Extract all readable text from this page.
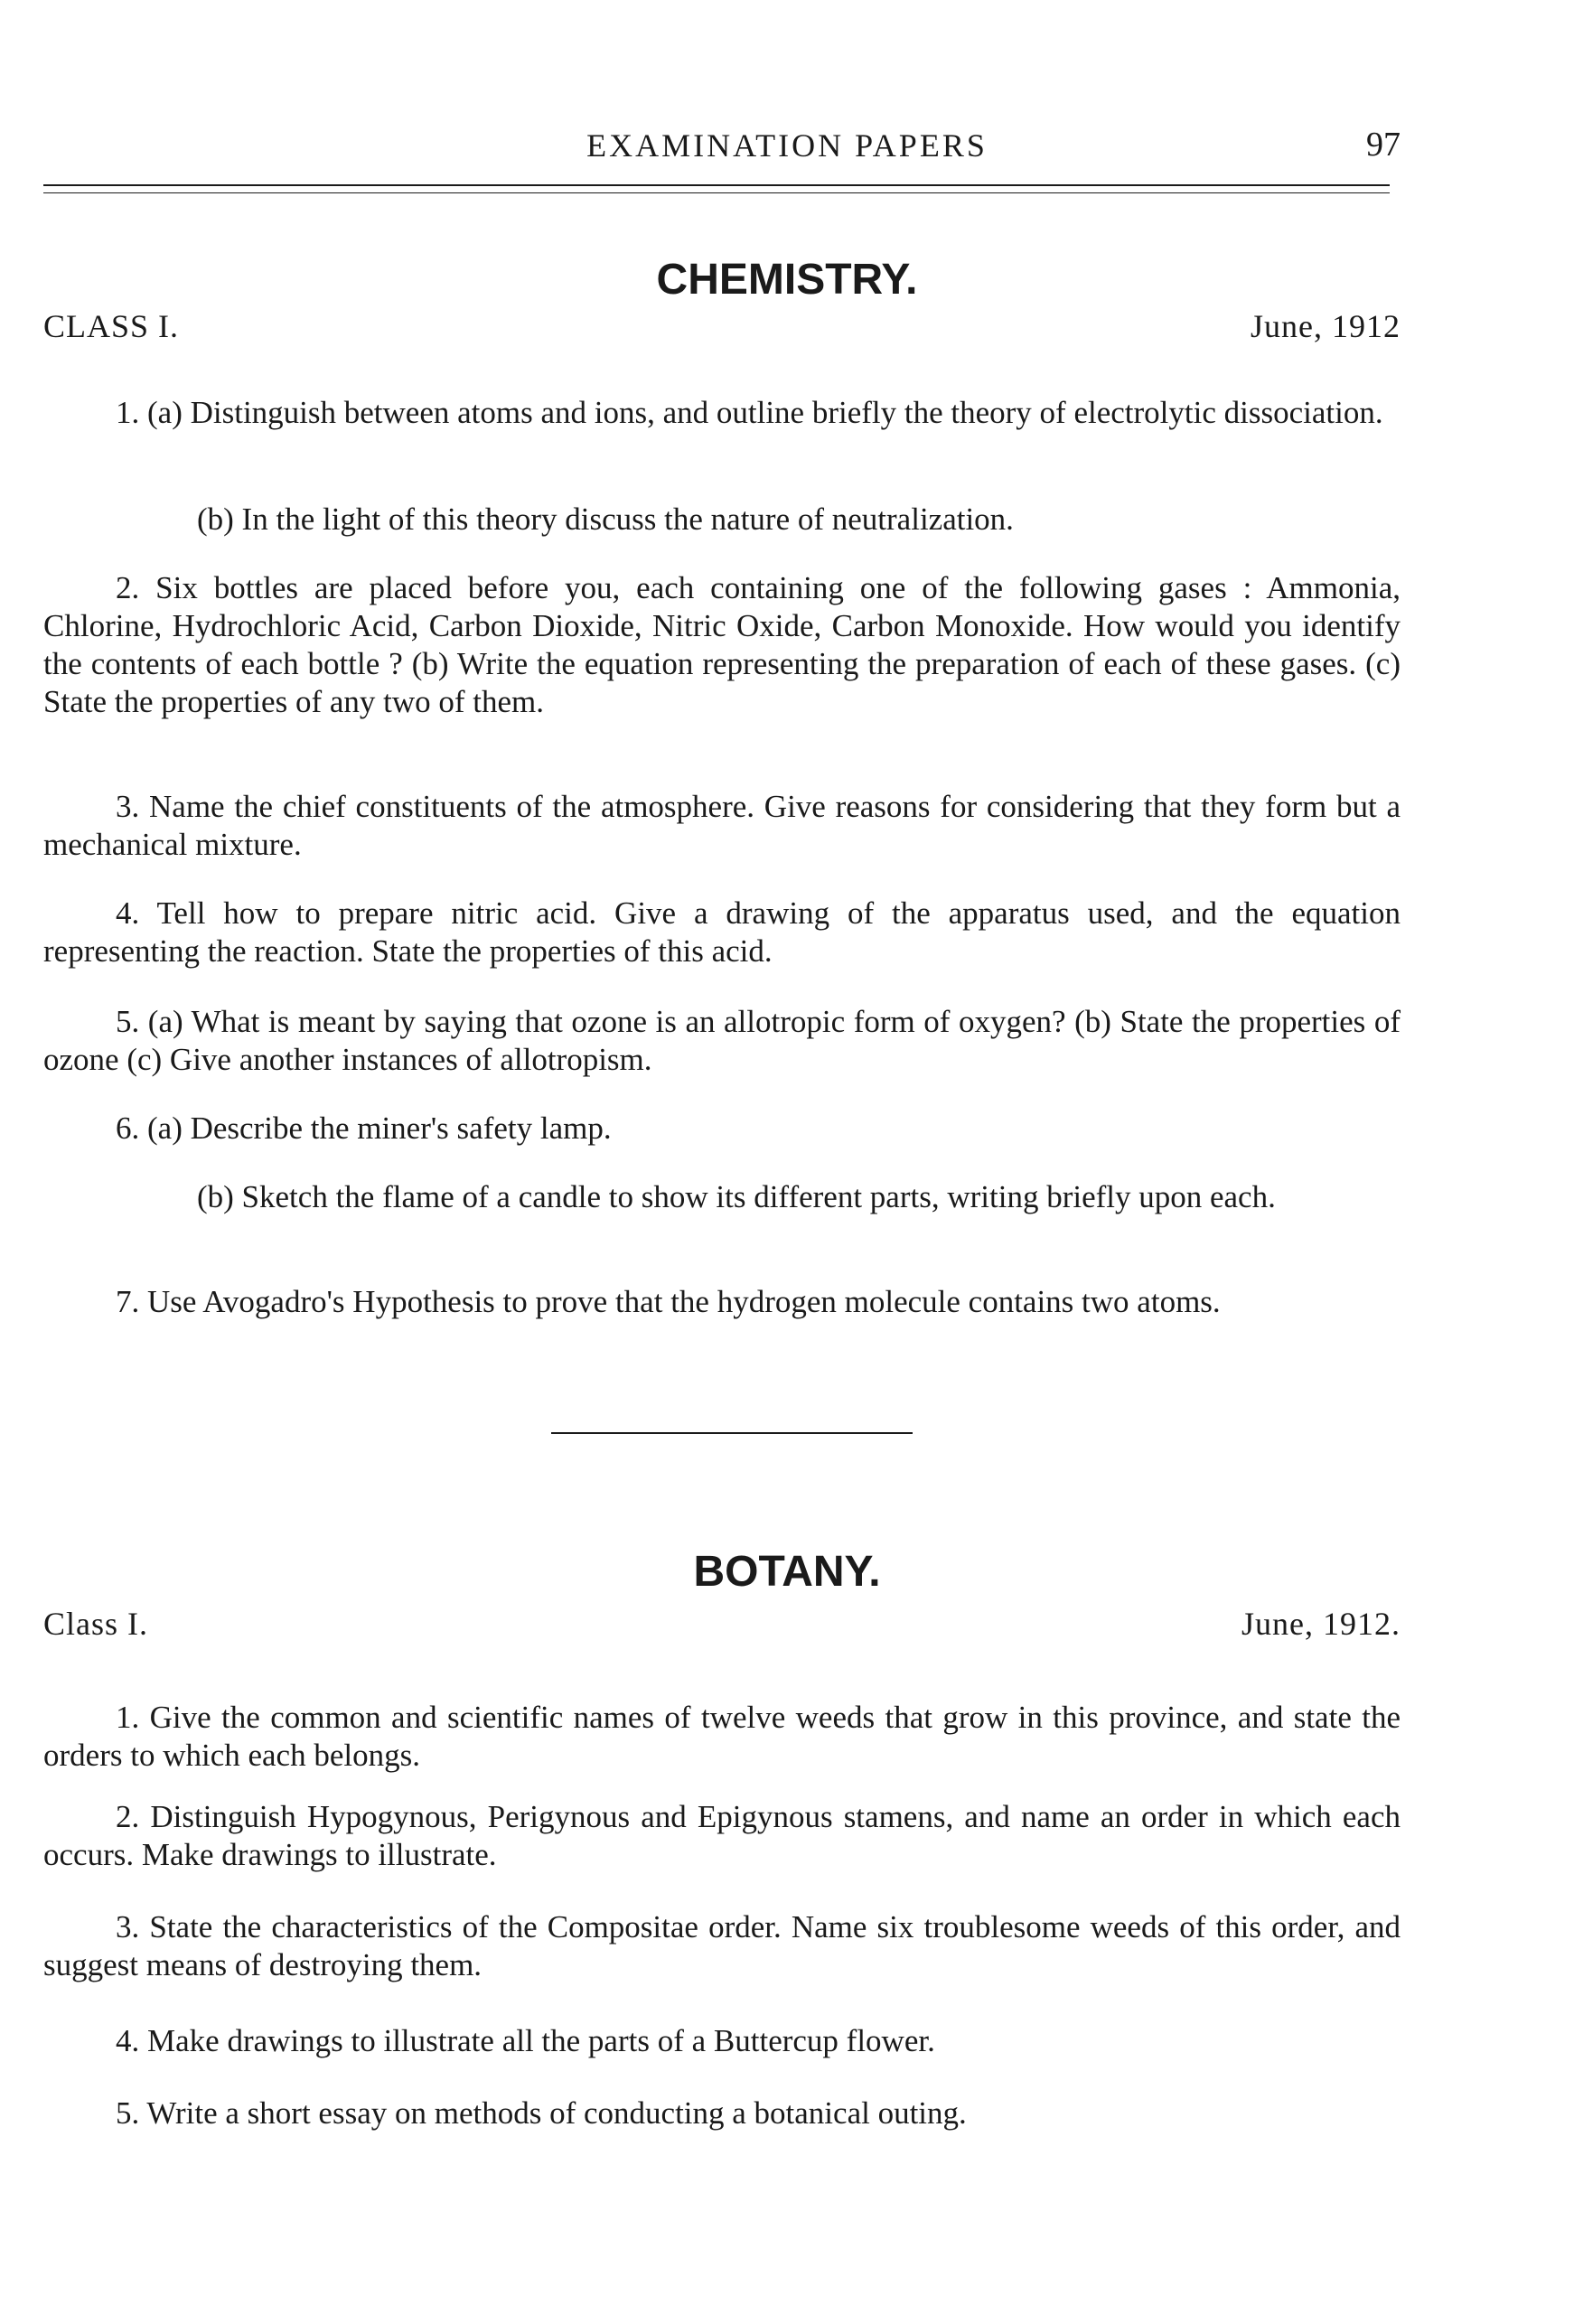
EXAMINATION PAPERS	97
CHEMISTRY.
CLASS I.	June, 1912
1. (a) Distinguish between atoms and ions, and outline briefly the theory of electrolytic dissociation.
(b) In the light of this theory discuss the nature of neutralization.
2. Six bottles are placed before you, each containing one of the following gases : Ammonia, Chlorine, Hydrochloric Acid, Carbon Dioxide, Nitric Oxide, Carbon Monoxide. How would you identify the contents of each bottle ? (b) Write the equation representing the preparation of each of these gases. (c) State the properties of any two of them.
3. Name the chief constituents of the atmosphere. Give reasons for considering that they form but a mechanical mixture.
4. Tell how to prepare nitric acid. Give a drawing of the apparatus used, and the equation representing the reaction. State the properties of this acid.
5. (a) What is meant by saying that ozone is an allotropic form of oxygen? (b) State the properties of ozone (c) Give another instances of allotropism.
6. (a) Describe the miner's safety lamp.
(b) Sketch the flame of a candle to show its different parts, writing briefly upon each.
7. Use Avogadro's Hypothesis to prove that the hydrogen molecule contains two atoms.
BOTANY.
Class I.	June, 1912.
1. Give the common and scientific names of twelve weeds that grow in this province, and state the orders to which each belongs.
2. Distinguish Hypogynous, Perigynous and Epigynous stamens, and name an order in which each occurs. Make drawings to illustrate.
3. State the characteristics of the Compositae order. Name six troublesome weeds of this order, and suggest means of destroying them.
4. Make drawings to illustrate all the parts of a Buttercup flower.
5. Write a short essay on methods of conducting a botanical outing.
